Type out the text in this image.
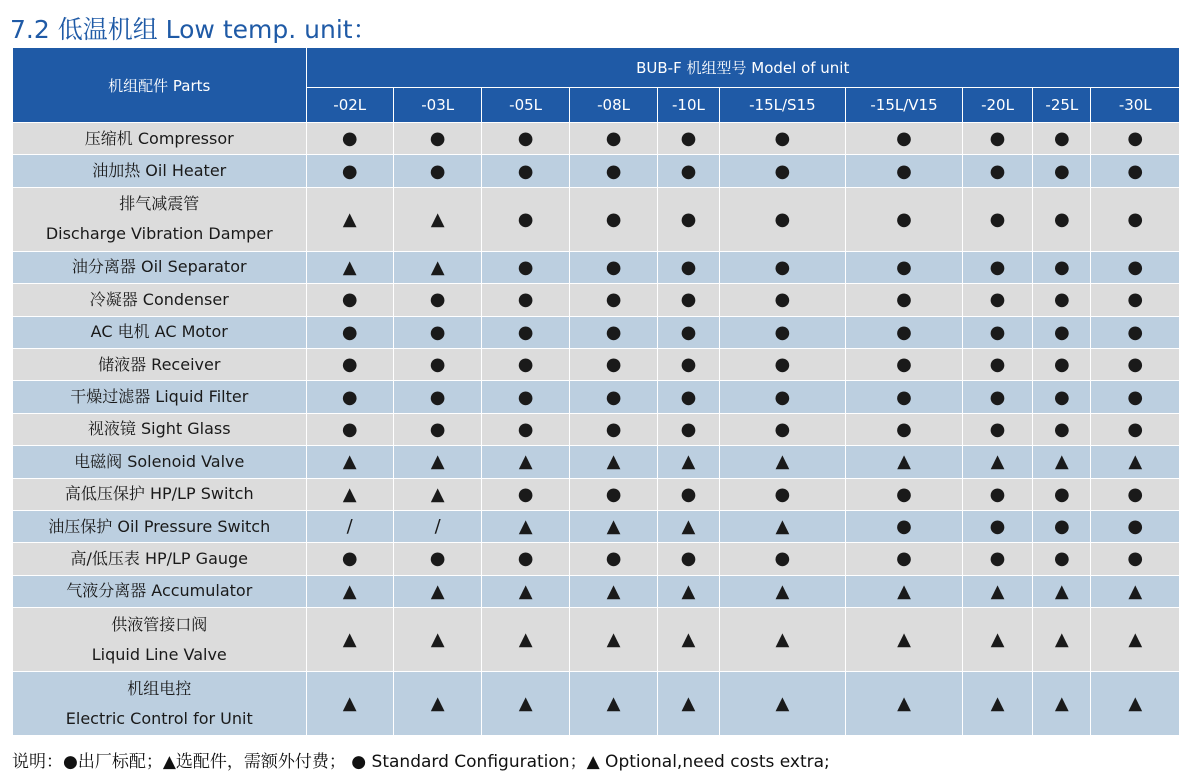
7.2 低温机组 Low temp. unit：
机组配件 Parts	BUB-F 机组型号 Model of unit									
	-02L	-03L	-05L	-08L	-10L	-15L/S15	-15L/V15	-20L	-25L	-30L

压缩机 Compressor	●	●	●	●	●	●	●	●	●	●

油加热 Oil Heater	●	●	●	●	●	●	●	●	●	●

排气减震管
Discharge Vibration Damper	▲	▲	●	●	●	●	●	●	●	●

油分离器 Oil Separator	▲	▲	●	●	●	●	●	●	●	●

冷凝器 Condenser	●	●	●	●	●	●	●	●	●	●

AC 电机 AC Motor	●	●	●	●	●	●	●	●	●	●

储液器 Receiver	●	●	●	●	●	●	●	●	●	●

干燥过滤器 Liquid Filter	●	●	●	●	●	●	●	●	●	●

视液镜 Sight Glass	●	●	●	●	●	●	●	●	●	●

电磁阀 Solenoid Valve	▲	▲	▲	▲	▲	▲	▲	▲	▲	▲

高低压保护 HP/LP Switch	▲	▲	●	●	●	●	●	●	●	●

油压保护 Oil Pressure Switch	/	/	▲	▲	▲	▲	●	●	●	●

高/低压表 HP/LP Gauge	●	●	●	●	●	●	●	●	●	●

气液分离器 Accumulator	▲	▲	▲	▲	▲	▲	▲	▲	▲	▲

供液管接口阀
Liquid Line Valve	▲	▲	▲	▲	▲	▲	▲	▲	▲	▲

机组电控
Electric Control for Unit	▲	▲	▲	▲	▲	▲	▲	▲	▲	▲
说明：●出厂标配；▲选配件，需额外付费； ● Standard Configuration；▲ Optional,need costs extra;
